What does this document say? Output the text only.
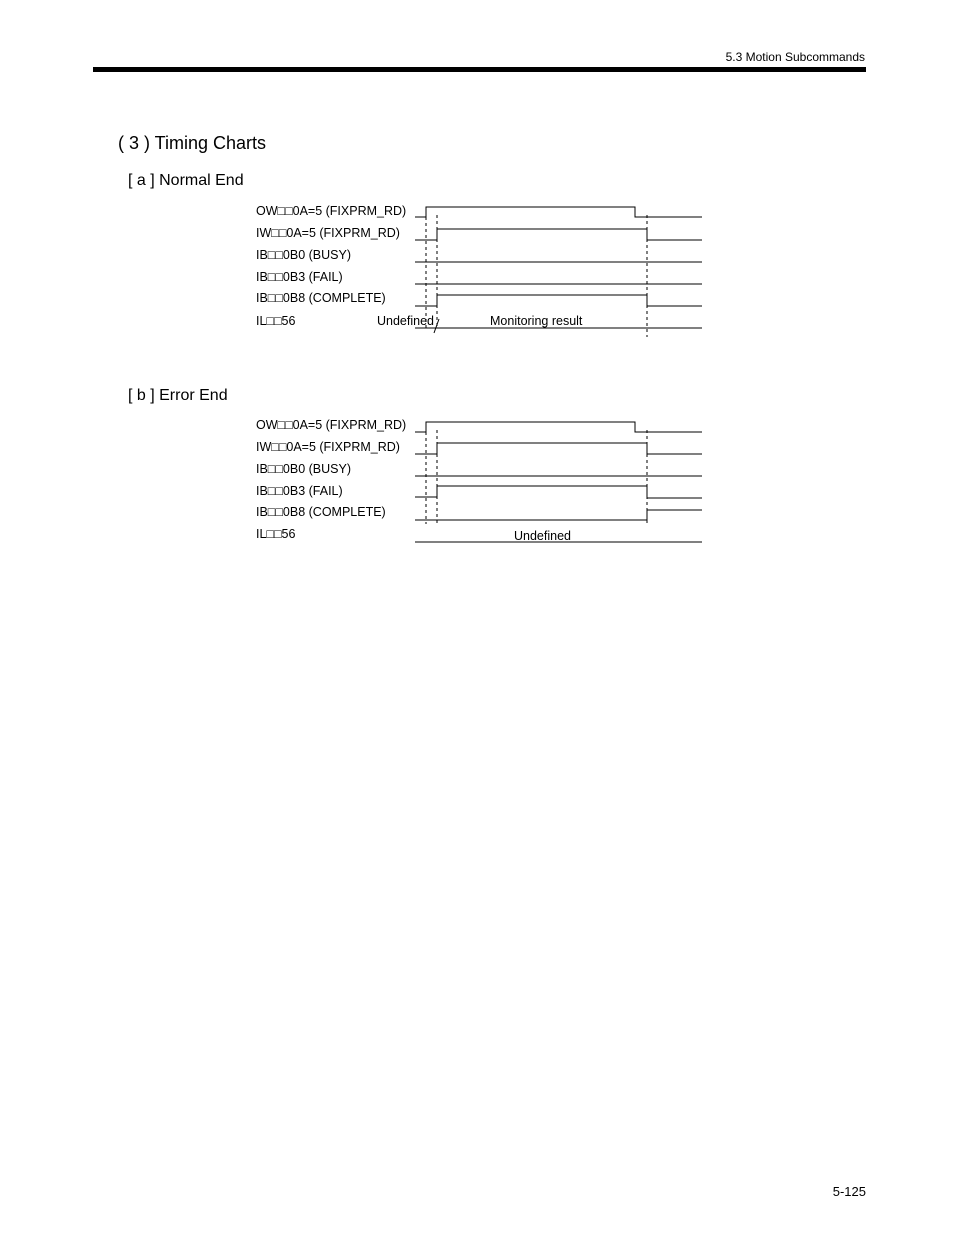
5.3 Motion Subcommands
( 3 ) Timing Charts
[ a ] Normal End
OW□□0A=5 (FIXPRM_RD)
IW□□0A=5 (FIXPRM_RD)
IB□□0B0 (BUSY)
IB□□0B3 (FAIL)
IB□□0B8 (COMPLETE)
IL□□56	Undefined	Monitoring result
[ b ] Error End
OW□□0A=5 (FIXPRM_RD)
IW□□0A=5 (FIXPRM_RD)
IB□□0B0 (BUSY)
IB□□0B3 (FAIL)
IB□□0B8 (COMPLETE)
IL□□56	Undefined
5-125
